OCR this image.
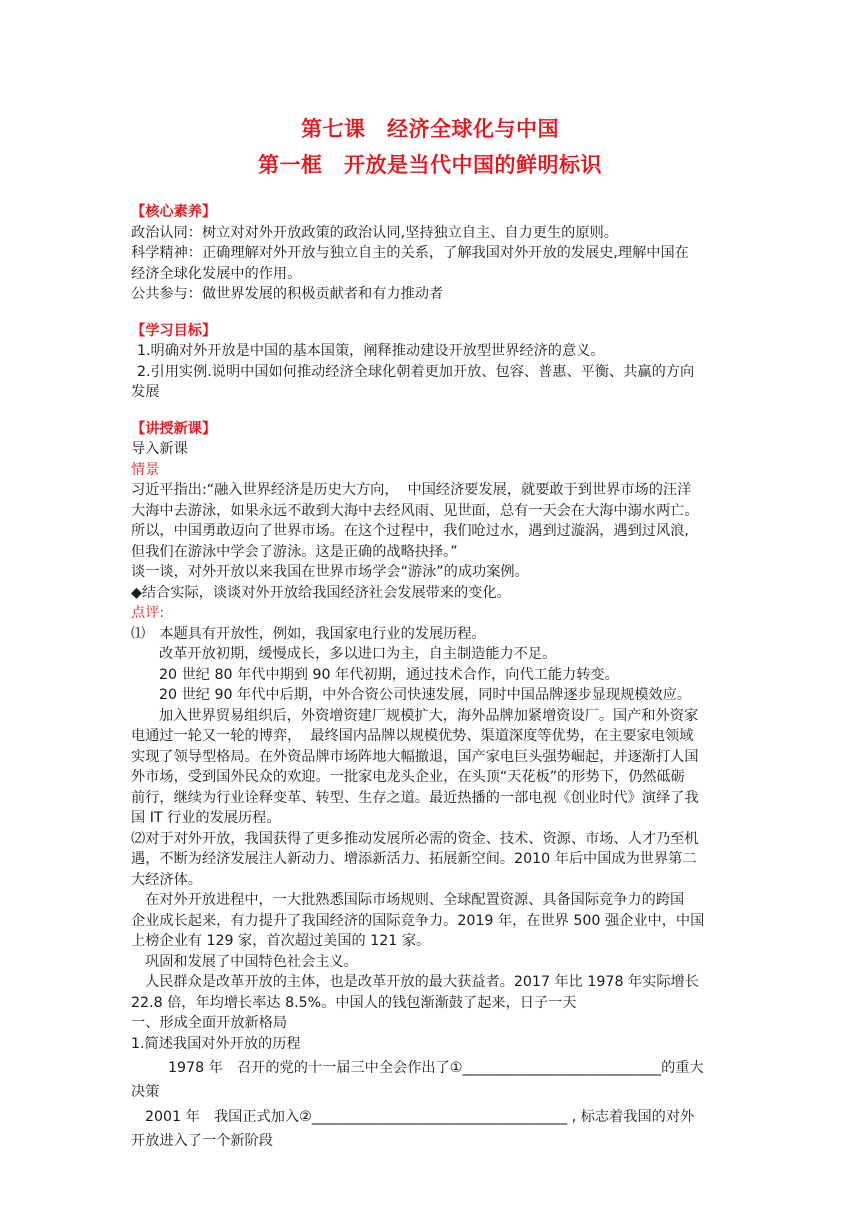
第七课　经济全球化与中国
第一框　开放是当代中国的鲜明标识
【核心素养】
政治认同：树立对对外开放政策的政治认同,坚持独立自主、自力更生的原则。
科学精神：正确理解对外开放与独立自主的关系，了解我国对外开放的发展史,理解中国在
经济全球化发展中的作用。
公共参与：做世界发展的积极贡献者和有力推动者
【学习目标】
1.明确对外开放是中国的基本国策，阐释推动建设开放型世界经济的意义。
2.引用实例.说明中国如何推动经济全球化朝着更加开放、包容、普惠、平衡、共赢的方向
发展
【讲授新课】
导入新课
情景
习近平指出:“融入世界经济是历史大方向，  中国经济要发展，就要敢于到世界市场的汪洋
大海中去游泳，如果永远不敢到大海中去经风雨、见世面，总有一天会在大海中溺水两亡。
所以，中国勇敢迈向了世界市场。在这个过程中，我们呛过水，遇到过漩涡，遇到过风浪,
但我们在游泳中学会了游泳。这是正确的战略抉择。”
谈一谈，对外开放以来我国在世界市场学会“游泳”的成功案例。
◆结合实际，谈谈对外开放给我国经济社会发展带来的变化。
点评:
⑴　本题具有开放性，例如，我国家电行业的发展历程。
改革开放初期，缓慢成长，多以进口为主，自主制造能力不足。
20 世纪 80 年代中期到 90 年代初期，通过技术合作，向代工能力转变。
20 世纪 90 年代中后期，中外合资公司快速发展，同时中国品牌逐步显现规模效应。
加入世界贸易组织后，外资增资建厂规模扩大，海外品牌加紧增资设厂。国产和外资家
电通过一轮又一轮的博弈，  最终国内品牌以规模优势、渠道深度等优势，在主要家电领域
实现了领导型格局。在外资品牌市场阵地大幅撤退，国产家电巨头强势崛起，并逐渐打人国
外市场，受到国外民众的欢迎。一批家电龙头企业，在头顶“天花板”的形势下，仍然砥砺
前行，继续为行业诠释变革、转型、生存之道。最近热播的一部电视《创业时代》演绎了我
国 IT 行业的发展历程。
⑵对于对外开放，我国获得了更多推动发展所必需的资金、技术、资源、市场、人才乃至机
遇，不断为经济发展注人新动力、增添新活力、拓展新空间。2010 年后中国成为世界第二
大经济体。
在对外开放进程中，一大批熟悉国际市场规则、全球配置资源、具备国际竞争力的跨国
企业成长起来，有力提升了我国经济的国际竞争力。2019 年，在世界 500 强企业中，中国
上榜企业有 129 家，首次超过美国的 121 家。
巩固和发展了中国特色社会主义。
人民群众是改革开放的主体，也是改革开放的最大获益者。2017 年比 1978 年实际增长
22.8 倍，年均增长率达 8.5%。中国人的钱包渐渐鼓了起来，日子一天
一、形成全面开放新格局
1.简述我国对外开放的历程
1978 年　召开的党的十一届三中全会作出了①____________________________的重大
决策
2001 年　我国正式加入②____________________________________ , 标志着我国的对外
开放进入了一个新阶段
